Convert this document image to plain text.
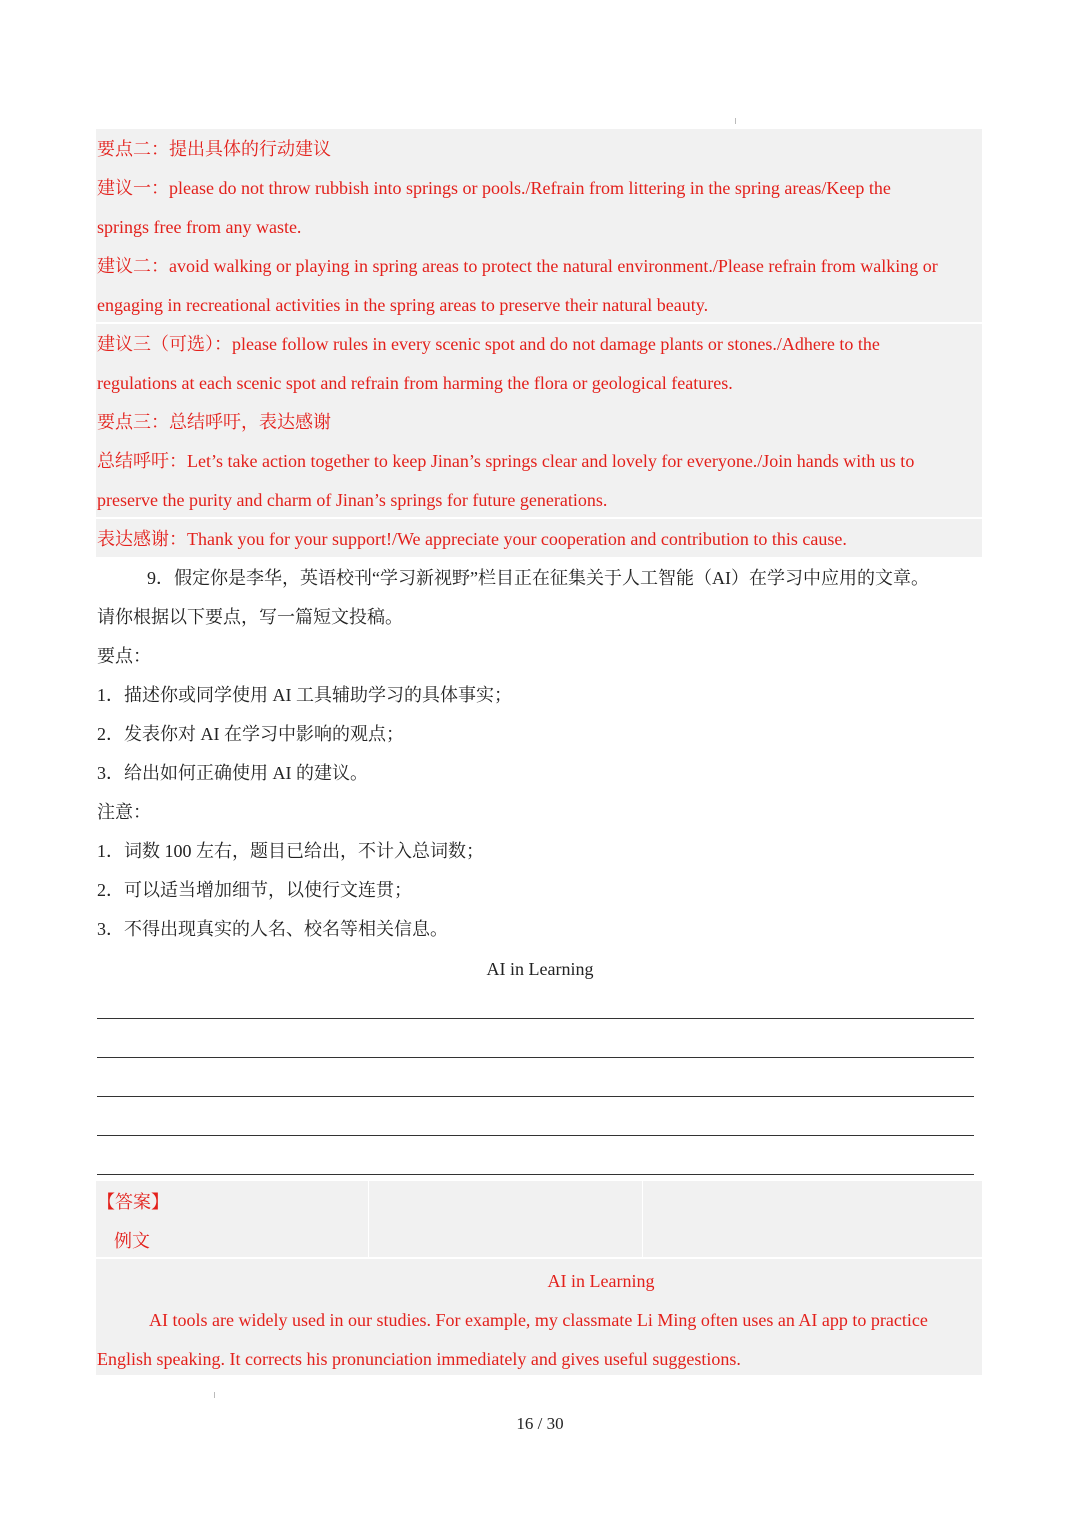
要点二：提出具体的行动建议
建议一：please do not throw rubbish into springs or pools./Refrain from littering in the spring areas/Keep the
springs free from any waste.
建议二：avoid walking or playing in spring areas to protect the natural environment./Please refrain from walking or
engaging in recreational activities in the spring areas to preserve their natural beauty.
建议三（可选）：please follow rules in every scenic spot and do not damage plants or stones./Adhere to the
regulations at each scenic spot and refrain from harming the flora or geological features.
要点三：总结呼吁，表达感谢
总结呼吁：Let’s take action together to keep Jinan’s springs clear and lovely for everyone./Join hands with us to
preserve the purity and charm of Jinan’s springs for future generations.
表达感谢：Thank you for your support!/We appreciate your cooperation and contribution to this cause.
9．假定你是李华，英语校刊“学习新视野”栏目正在征集关于人工智能（AI）在学习中应用的文章。
请你根据以下要点，写一篇短文投稿。
要点：
1．描述你或同学使用 AI 工具辅助学习的具体事实；
2．发表你对 AI 在学习中影响的观点；
3．给出如何正确使用 AI 的建议。
注意：
1．词数 100 左右，题目已给出，不计入总词数；
2．可以适当增加细节，以使行文连贯；
3．不得出现真实的人名、校名等相关信息。
AI in Learning
【答案】
例文
AI in Learning
AI tools are widely used in our studies. For example, my classmate Li Ming often uses an AI app to practice
English speaking. It corrects his pronunciation immediately and gives useful suggestions.
16 / 30
